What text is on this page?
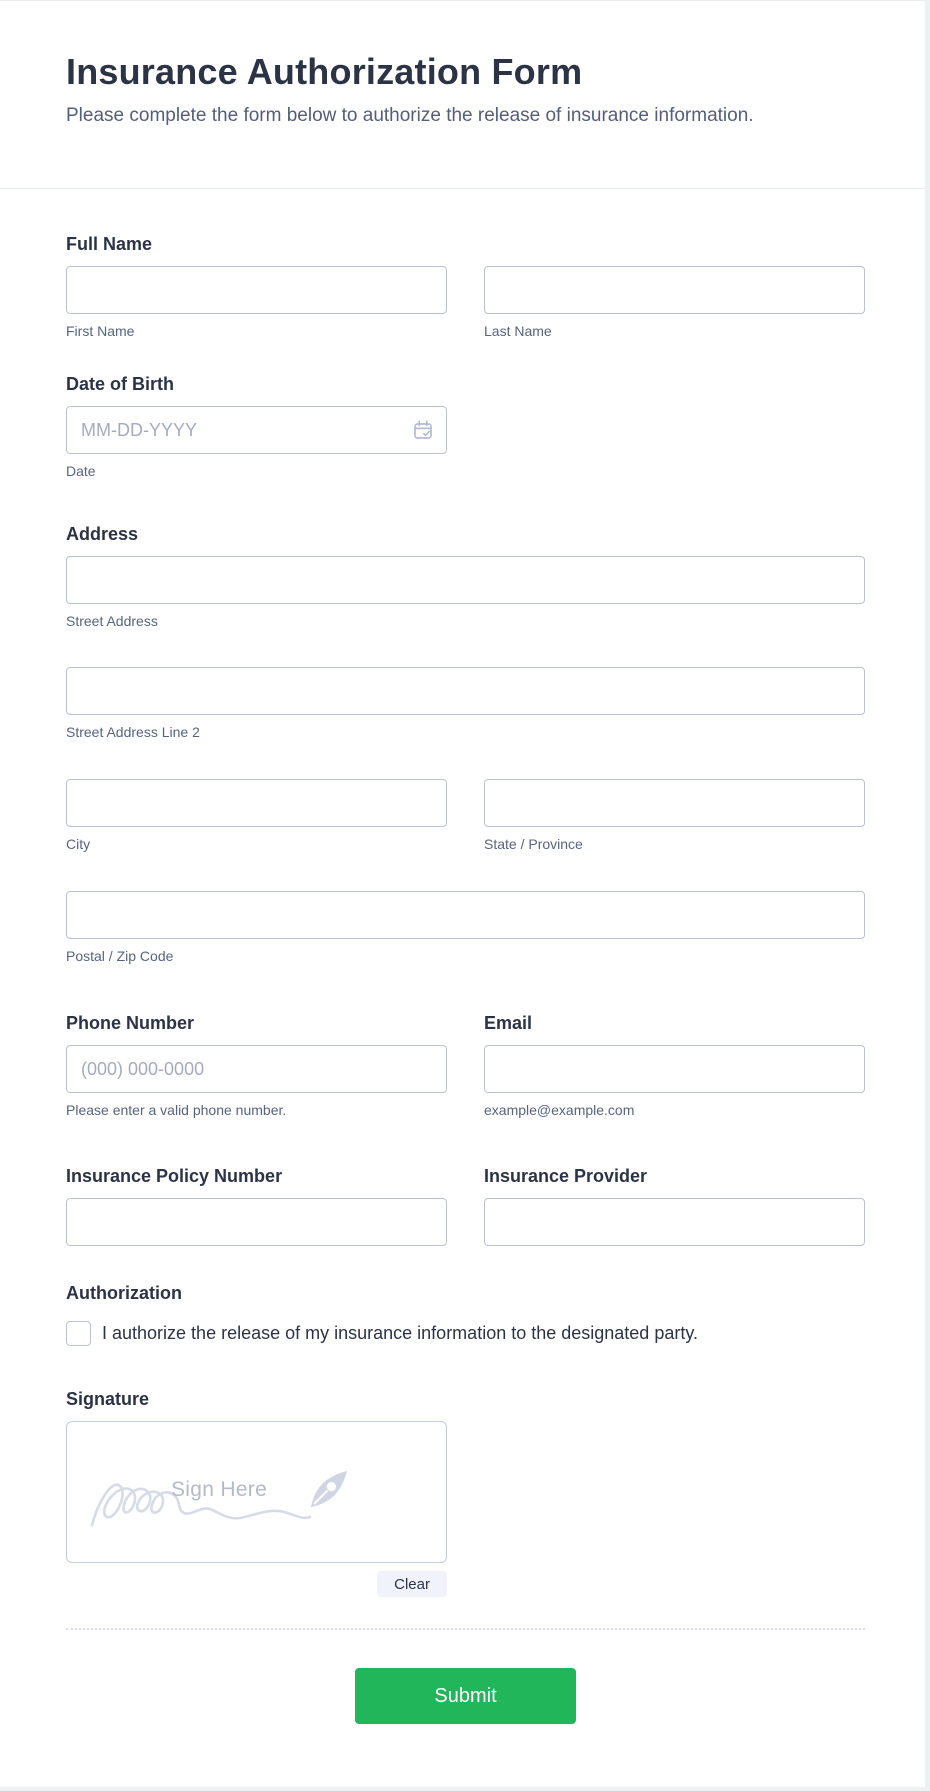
Insurance Authorization Form
Please complete the form below to authorize the release of insurance information.
Full Name
First Name	Last Name
Date of Birth
MM-DD-YYYY
Date
Address
Street Address
Street Address Line 2
City	State / Province
Postal / Zip Code
Phone Number
(000) 000-0000
Please enter a valid phone number.
Email
example@example.com
Insurance Policy Number	Insurance Provider
Authorization
I authorize the release of my insurance information to the designated party.
Signature
Sign Here
Clear
Submit
